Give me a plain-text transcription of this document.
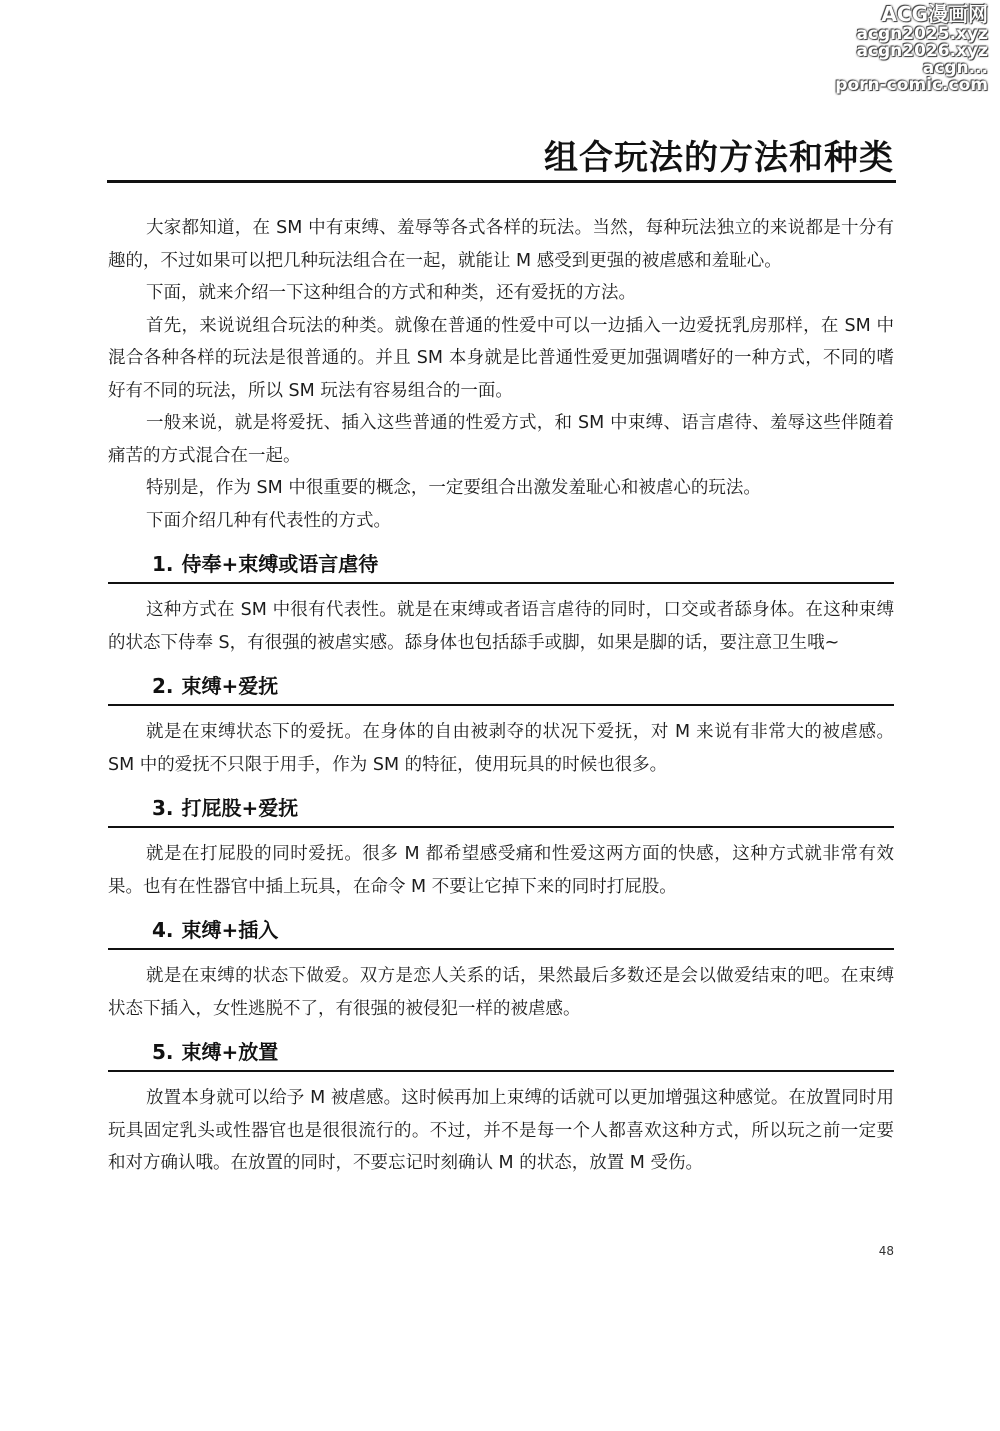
ACG漫画网
acgn2025.xyz
acgn2026.xyz
acgn...
porn-comic.com
组合玩法的方法和种类

大家都知道，在 SM 中有束缚、羞辱等各式各样的玩法。当然，每种玩法独立的来说都是十分有趣的，不过如果可以把几种玩法组合在一起，就能让 M 感受到更强的被虐感和羞耻心。

下面，就来介绍一下这种组合的方式和种类，还有爱抚的方法。

首先，来说说组合玩法的种类。就像在普通的性爱中可以一边插入一边爱抚乳房那样，在 SM 中混合各种各样的玩法是很普通的。并且 SM 本身就是比普通性爱更加强调嗜好的一种方式，不同的嗜好有不同的玩法，所以 SM 玩法有容易组合的一面。

一般来说，就是将爱抚、插入这些普通的性爱方式，和 SM 中束缚、语言虐待、羞辱这些伴随着痛苦的方式混合在一起。

特别是，作为 SM 中很重要的概念，一定要组合出激发羞耻心和被虐心的玩法。

下面介绍几种有代表性的方式。

1. 侍奉+束缚或语言虐待

这种方式在 SM 中很有代表性。就是在束缚或者语言虐待的同时，口交或者舔身体。在这种束缚的状态下侍奉 S，有很强的被虐实感。舔身体也包括舔手或脚，如果是脚的话，要注意卫生哦~

2. 束缚+爱抚

就是在束缚状态下的爱抚。在身体的自由被剥夺的状况下爱抚，对 M 来说有非常大的被虐感。SM 中的爱抚不只限于用手，作为 SM 的特征，使用玩具的时候也很多。

3. 打屁股+爱抚

就是在打屁股的同时爱抚。很多 M 都希望感受痛和性爱这两方面的快感，这种方式就非常有效果。也有在性器官中插上玩具，在命令 M 不要让它掉下来的同时打屁股。

4. 束缚+插入

就是在束缚的状态下做爱。双方是恋人关系的话，果然最后多数还是会以做爱结束的吧。在束缚状态下插入，女性逃脱不了，有很强的被侵犯一样的被虐感。

5. 束缚+放置

放置本身就可以给予 M 被虐感。这时候再加上束缚的话就可以更加增强这种感觉。在放置同时用玩具固定乳头或性器官也是很很流行的。不过，并不是每一个人都喜欢这种方式，所以玩之前一定要和对方确认哦。在放置的同时，不要忘记时刻确认 M 的状态，放置 M 受伤。

48
